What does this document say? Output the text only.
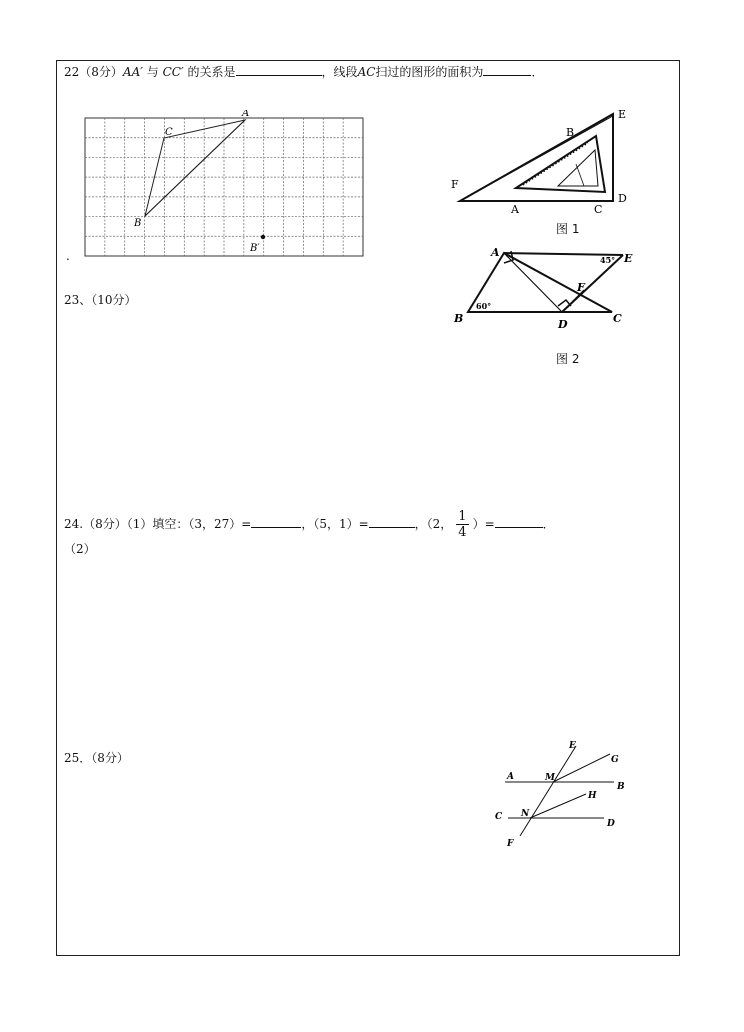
22（8分）AA′ 与 CC′ 的关系是	，线段AC扫过的图形的面积为	．
A
C
B
B′
.
E
B
F
D
A	C
图 1
A	E
F
B	D	C
60°
45°
图 2
23、（10分）
24.（8分）（1）填空：（3，27）=	，（5，1）=	，（2， $\frac{1}{4}$ ）=	．
（2）
25．（8分）
E
G
A	M
B
H
C N
D
F
